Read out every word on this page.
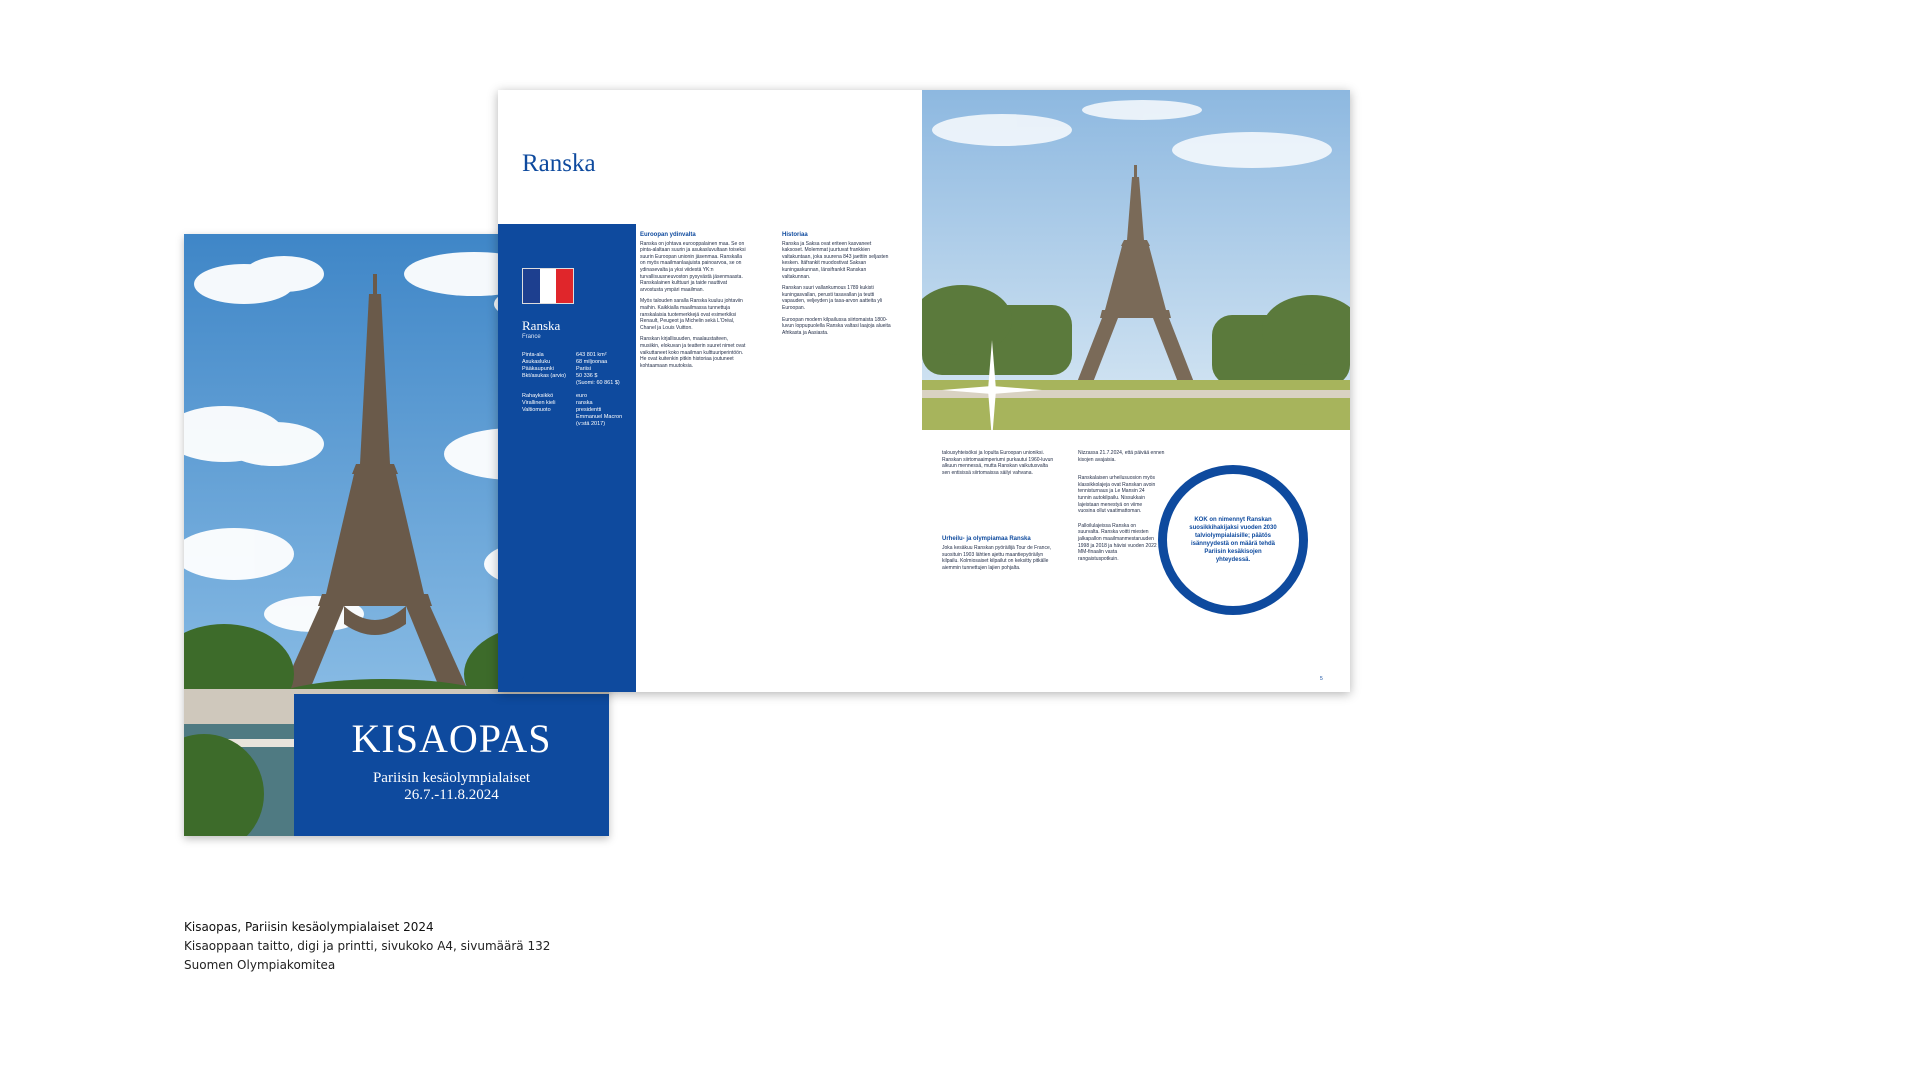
KISAOPAS
Pariisin kesäolympialaiset
26.7.-11.8.2024
Ranska
Ranska
France
Pinta-ala	643 801 km²
Asukasluku	68 miljoonaa
Pääkaupunki	Pariisi
Bkt/asukas (arvio)	50 336 $
(Suomi: 60 861 $)
Rahayksikkö	euro
Virallinen kieli	ranska
Valtiomuoto	presidentti
Emmanuel Macron
(v:stä 2017)
Euroopan ydinvalta

Ranska on johtava eurooppalainen maa. Se on pinta-alaltaan suurin ja asukasluvultaan toiseksi suurin Euroopan unionin jäsenmaa. Ranskalla on myös maailmanlaajuista painoarvoa, se on ydinasevalta ja yksi viidestä YK:n turvallisuusneuvoston pysyvästä jäsenmaasta. Ranskalainen kulttuuri ja taide nauttivat arvostusta ympäri maailman.

Myös talouden saralla Ranska kuuluu johtaviin maihin. Kaikkialla maailmassa tunnettuja ranskalaisia tuotemerkkejä ovat esimerkiksi Renault, Peugeot ja Michelin sekä L'Oréal, Chanel ja Louis Vuitton.

Ranskan kirjallisuuden, maalaustaiteen, musiikin, elokuvan ja teatterin suuret nimet ovat vaikuttaneet koko maailman kulttuuriperintöön. He ovat kuitenkin pitkin historiaa joutuneet kohtaamaan muutoksia.

Historiaa

Ranska ja Saksa ovat eriteen kasvaneet kaksoset. Molemmat juurtuvat frankkien valtakuntaan, joka suurena 843 jaettiin seljasten kesken. Itäfrankit muodostivat Saksan kuningaskunnan, länsifrankit Ranskan valtakunnan.

Ranskan suuri vallankumous 1789 kukisti kuningasvallan, perusti tasavallan ja teutti vapauden, veljeyden ja tasa-arvon aatteita yli Euroopan.

Euroopan modern kilpailussa siirtomaista 1800-luvun loppupuolella Ranska valtasi laajoja alueita Afrikasta ja Aasiasta.

talousyhteisöksi ja lopulta Euroopan unioniksi. Ranskan siirtomaaimperiumi purkautui 1960-luvun alkuun mennessä, mutta Ranskan vaikutusvalta sen entisissä siirtomaissa säilyi vahvana.

Urheilu- ja olympiamaa Ranska

Joka kesäkuu Ranskan pyöräilijä Tour de France, suosituin 1903 lähtien ajettu maantiepyöräilyn kilpailu. Kolmiosaiset kilpailut on keksitty pitkälle aiemmin tunnettujen lajien pohjalta.

Nizzassa 21.7.2024, että päivää ennen kisojen avajaisia.

Ranskalaisen urheilusuosion myös klassikkolajeja ovat Ranskan avoin tennisturnaus ja Le Mansin 24 tunnin autokilpailu. Nissukkain lajeistaan menestyä on viime vuosina ollut vaatimattoman.

Palloilulajeissa Ranska on suurvalta. Ranska voitti miesten jalkapallon maailmanmestaruuden 1998 ja 2018 ja hävisi vuoden 2022 MM-finaalin vasta rangaistuspotkuin.

KOK on nimennyt Ranskan suosikkihakijaksi vuoden 2030 talviolympialaisille; päätös isännyydestä on määrä tehdä Pariisin kesäkisojen yhteydessä.
4	5
Kisaopas, Pariisin kesäolympialaiset 2024
Kisaoppaan taitto, digi ja printti, sivukoko A4, sivumäärä 132
Suomen Olympiakomitea
